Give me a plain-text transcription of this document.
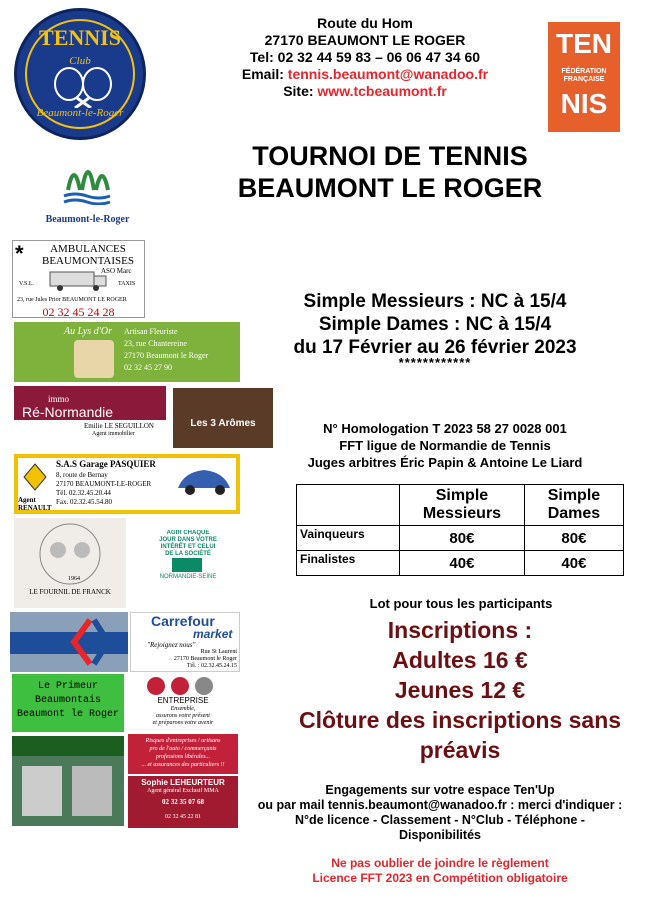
TENNIS
Club
Beaumont-le-Roger
Route du Hom
27170 BEAUMONT LE ROGER
Tel: 02 32 44 59 83 – 06 06 47 34 60
Email: tennis.beaumont@wanadoo.fr
Site: www.tcbeaumont.fr
TEN
FÉDÉRATION FRANÇAISE
NIS
TOURNOI DE TENNIS
BEAUMONT LE ROGER
Beaumont-le-Roger
*	AMBULANCES
BEAUMONTAISES
ASO Marc
V.S.L.	TAXIS
23, rue Jules Prior BEAUMONT LE ROGER
02 32 45 24 28
Au Lys d'Or Artisan Fleuriste
23, rue Chantereine
27170 Beaumont le Roger
02 32 45 27 90
immo
Ré-Normandie
Emilie LE SEGUILLON
Agent immobilier
Les 3 Arômes
Agent RENAULT
S.A.S Garage PASQUIER
8, route de Bernay
27170 BEAUMONT-LE-ROGER
Tél. 02.32.45.20.44
Fax. 02.32.45.54.80
1964
LE FOURNIL DE FRANCK
AGIR CHAQUE
JOUR DANS VOTRE
INTÉRÊT ET CELUI
DE LA SOCIÉTÉ
NORMANDIE-SEINE
Carrefour
market
"Rejoignez nous"
Rue St Laurent
27170 Beaumont le Roger
Tél. : 02.32.45.24.15
Le Primeur
Beaumontais
Beaumont le Roger
ENTREPRISE
Ensemble,
assurons votre présent
et préparons votre avenir
Risques d'entreprises / artisans
pro de l'auto / commerçants
professions libérales...
... et assurances des particuliers !!
Sophie LEHEURTEUR
Agent général Exclusif MMA
02 32 35 07 68
02 32 45 22 81
Simple Messieurs : NC à 15/4
Simple Dames : NC à 15/4
du 17 Février au 26 février 2023
************
N° Homologation T 2023 58 27 0028 001
FFT ligue de Normandie de Tennis
Juges arbitres Éric Papin & Antoine Le Liard
	Simple Messieurs	Simple Dames
Vainqueurs	80€	80€
Finalistes	40€	40€
Lot pour tous les participants
Inscriptions :
Adultes 16 €
Jeunes 12 €
Clôture des inscriptions sans préavis
Engagements sur votre espace Ten'Up
ou par mail tennis.beaumont@wanadoo.fr : merci d'indiquer :
N°de licence - Classement - N°Club - Téléphone -
Disponibilités
Ne pas oublier de joindre le règlement
Licence FFT 2023 en Compétition obligatoire
